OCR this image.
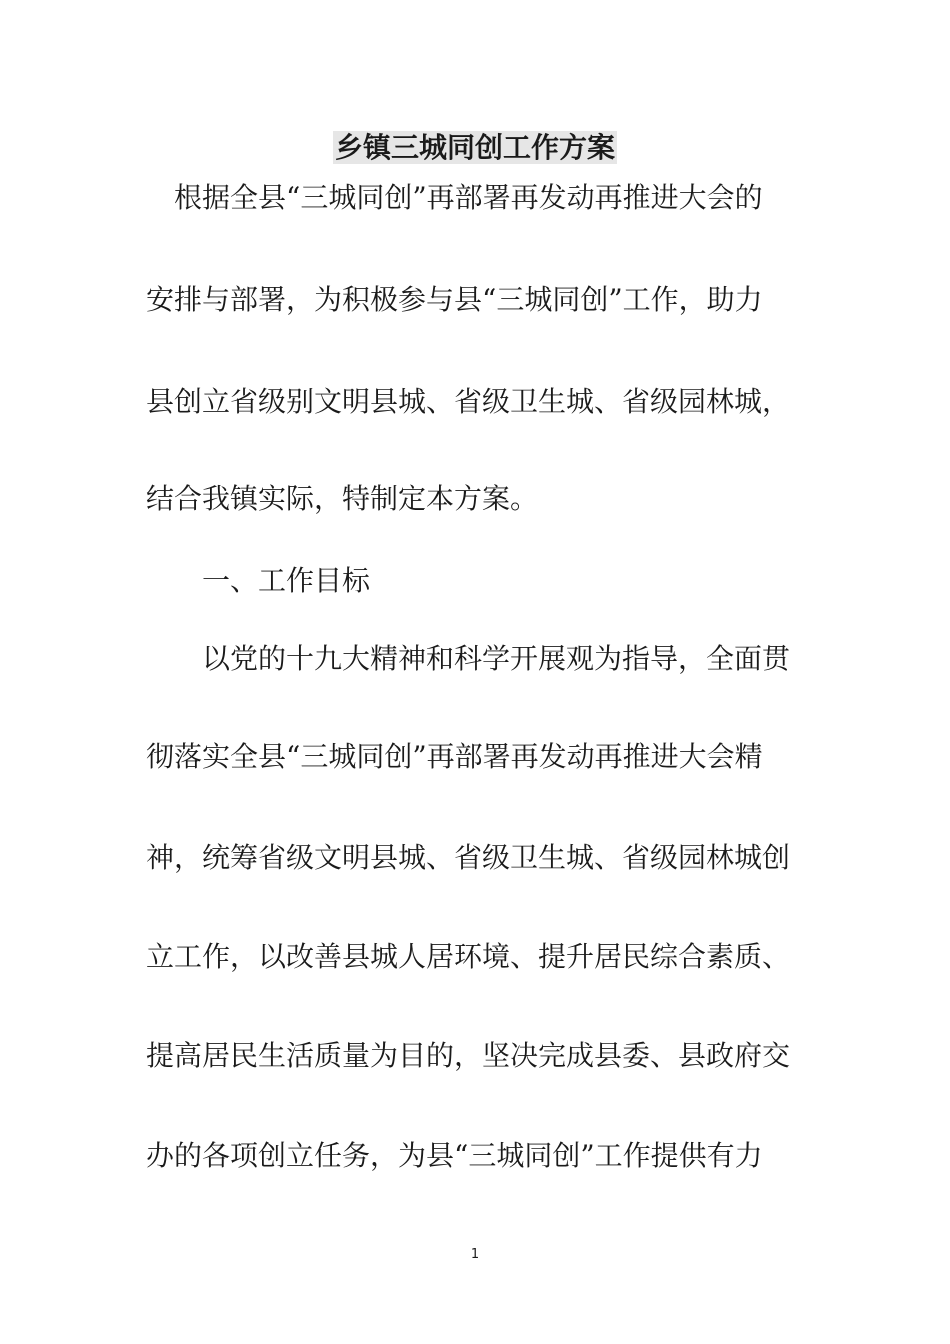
乡镇三城同创工作方案
　根据全县“三城同创”再部署再发动再推进大会的
安排与部署，为积极参与县“三城同创”工作，助力
县创立省级别文明县城、省级卫生城、省级园林城，
结合我镇实际，特制定本方案。
　　一、工作目标
　　以党的十九大精神和科学开展观为指导，全面贯
彻落实全县“三城同创”再部署再发动再推进大会精
神，统筹省级文明县城、省级卫生城、省级园林城创
立工作，以改善县城人居环境、提升居民综合素质、
提高居民生活质量为目的，坚决完成县委、县政府交
办的各项创立任务，为县“三城同创”工作提供有力
1
